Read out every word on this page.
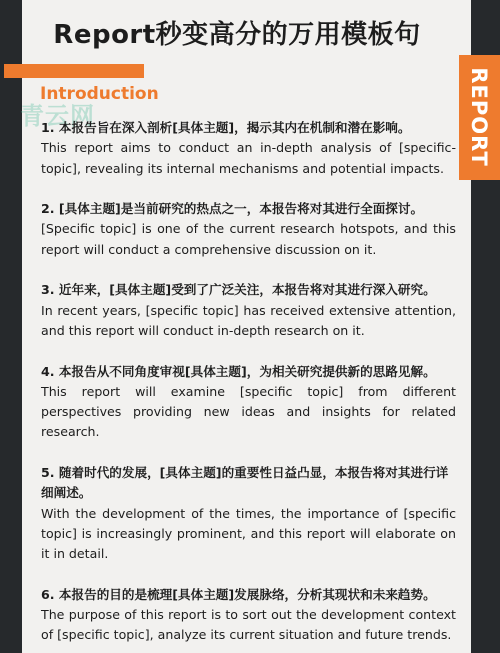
Report秒变高分的万用模板句
Introduction
青云网	REPORT
1. 本报告旨在深入剖析[具体主题]，揭示其内在机制和潜在影响。
This report aims to conduct an in-depth analysis of [specific-topic], revealing its internal mechanisms and potential impacts.
2. [具体主题]是当前研究的热点之一，本报告将对其进行全面探讨。
[Specific topic] is one of the current research hotspots, and this report will conduct a comprehensive discussion on it.
3. 近年来，[具体主题]受到了广泛关注，本报告将对其进行深入研究。
In recent years, [specific topic] has received extensive attention, and this report will conduct in-depth research on it.
4. 本报告从不同角度审视[具体主题]，为相关研究提供新的思路见解。
This report will examine [specific topic] from different perspectives providing new ideas and insights for related research.
5. 随着时代的发展，[具体主题]的重要性日益凸显，本报告将对其进行详细阐述。
With the development of the times, the importance of [specific topic] is increasingly prominent, and this report will elaborate on it in detail.
6. 本报告的目的是梳理[具体主题]发展脉络，分析其现状和未来趋势。
The purpose of this report is to sort out the development context of [specific topic], analyze its current situation and future trends.
